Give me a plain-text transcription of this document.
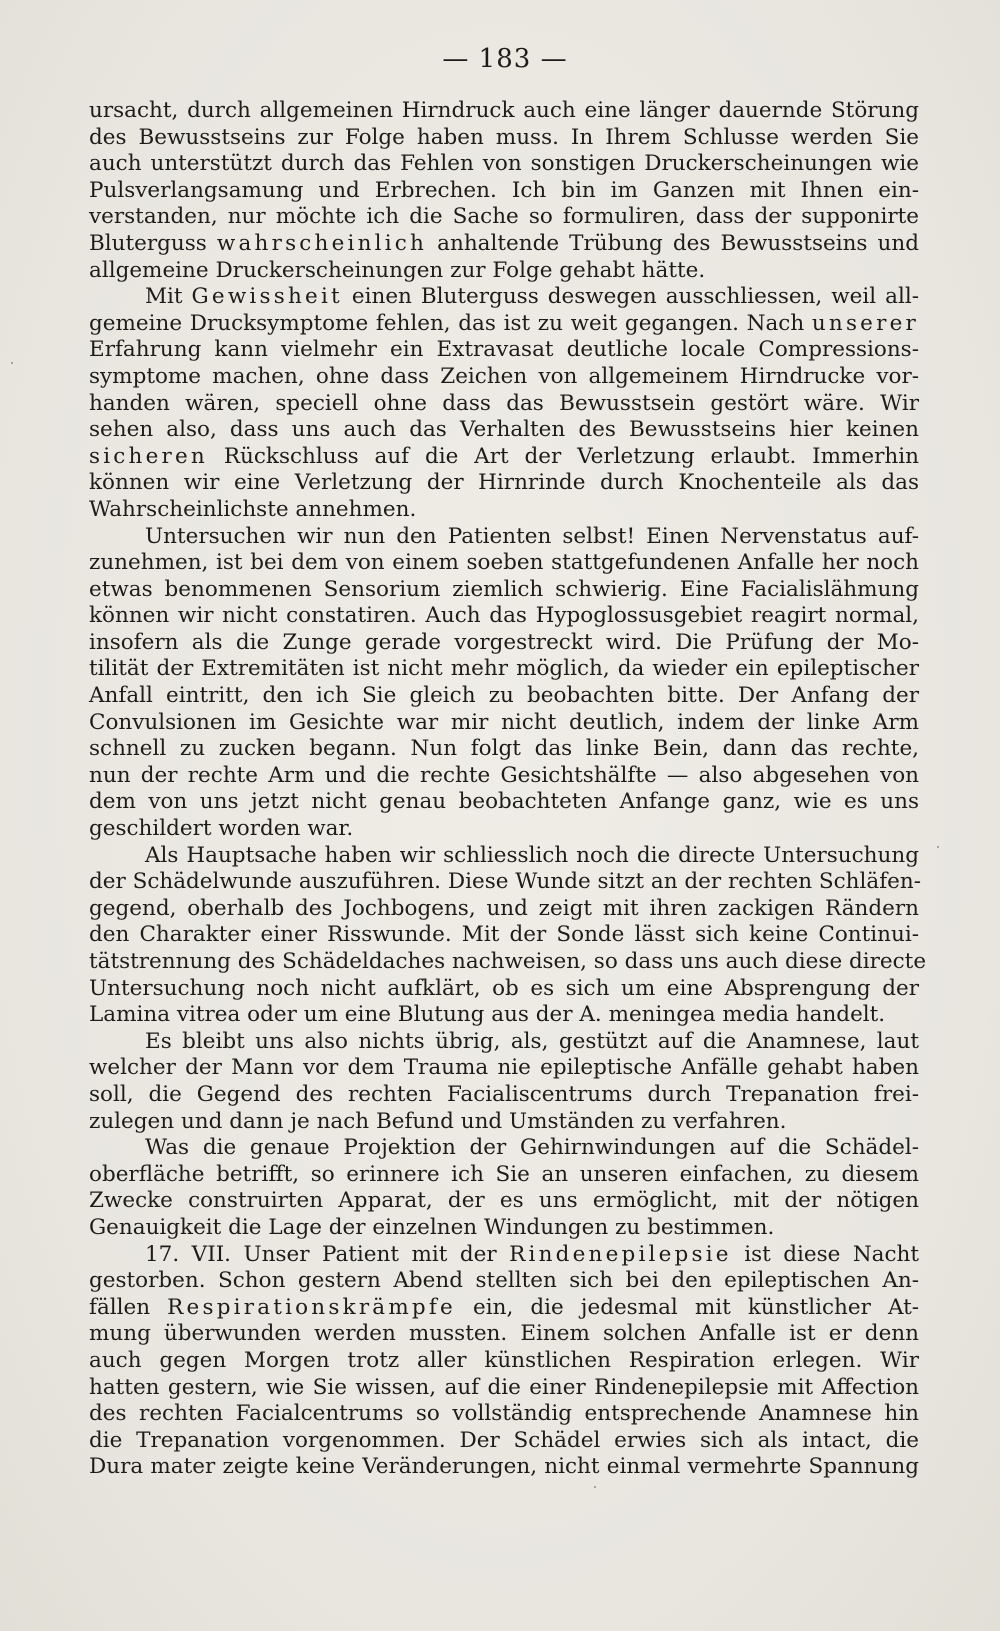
— 183 —
ursacht, durch allgemeinen Hirndruck auch eine länger dauernde Störung
des Bewusstseins zur Folge haben muss. In Ihrem Schlusse werden Sie
auch unterstützt durch das Fehlen von sonstigen Druckerscheinungen wie
Pulsverlangsamung und Erbrechen. Ich bin im Ganzen mit Ihnen ein-
verstanden, nur möchte ich die Sache so formuliren, dass der supponirte
Bluterguss wahrscheinlich anhaltende Trübung des Bewusstseins und
allgemeine Druckerscheinungen zur Folge gehabt hätte.
Mit Gewissheit einen Bluterguss deswegen ausschliessen, weil all-
gemeine Drucksymptome fehlen, das ist zu weit gegangen. Nach unserer
Erfahrung kann vielmehr ein Extravasat deutliche locale Compressions-
symptome machen, ohne dass Zeichen von allgemeinem Hirndrucke vor-
handen wären, speciell ohne dass das Bewusstsein gestört wäre. Wir
sehen also, dass uns auch das Verhalten des Bewusstseins hier keinen
sicheren Rückschluss auf die Art der Verletzung erlaubt. Immerhin
können wir eine Verletzung der Hirnrinde durch Knochenteile als das
Wahrscheinlichste annehmen.
Untersuchen wir nun den Patienten selbst! Einen Nervenstatus auf-
zunehmen, ist bei dem von einem soeben stattgefundenen Anfalle her noch
etwas benommenen Sensorium ziemlich schwierig. Eine Facialislähmung
können wir nicht constatiren. Auch das Hypoglossusgebiet reagirt normal,
insofern als die Zunge gerade vorgestreckt wird. Die Prüfung der Mo-
tilität der Extremitäten ist nicht mehr möglich, da wieder ein epileptischer
Anfall eintritt, den ich Sie gleich zu beobachten bitte. Der Anfang der
Convulsionen im Gesichte war mir nicht deutlich, indem der linke Arm
schnell zu zucken begann. Nun folgt das linke Bein, dann das rechte,
nun der rechte Arm und die rechte Gesichtshälfte — also abgesehen von
dem von uns jetzt nicht genau beobachteten Anfange ganz, wie es uns
geschildert worden war.
Als Hauptsache haben wir schliesslich noch die directe Untersuchung
der Schädelwunde auszuführen. Diese Wunde sitzt an der rechten Schläfen-
gegend, oberhalb des Jochbogens, und zeigt mit ihren zackigen Rändern
den Charakter einer Risswunde. Mit der Sonde lässt sich keine Continui-
tätstrennung des Schädeldaches nachweisen, so dass uns auch diese directe
Untersuchung noch nicht aufklärt, ob es sich um eine Absprengung der
Lamina vitrea oder um eine Blutung aus der A. meningea media handelt.
Es bleibt uns also nichts übrig, als, gestützt auf die Anamnese, laut
welcher der Mann vor dem Trauma nie epileptische Anfälle gehabt haben
soll, die Gegend des rechten Facialiscentrums durch Trepanation frei-
zulegen und dann je nach Befund und Umständen zu verfahren.
Was die genaue Projektion der Gehirnwindungen auf die Schädel-
oberfläche betrifft, so erinnere ich Sie an unseren einfachen, zu diesem
Zwecke construirten Apparat, der es uns ermöglicht, mit der nötigen
Genauigkeit die Lage der einzelnen Windungen zu bestimmen.
17. VII. Unser Patient mit der Rindenepilepsie ist diese Nacht
gestorben. Schon gestern Abend stellten sich bei den epileptischen An-
fällen Respirationskrämpfe ein, die jedesmal mit künstlicher At-
mung überwunden werden mussten. Einem solchen Anfalle ist er denn
auch gegen Morgen trotz aller künstlichen Respiration erlegen. Wir
hatten gestern, wie Sie wissen, auf die einer Rindenepilepsie mit Affection
des rechten Facialcentrums so vollständig entsprechende Anamnese hin
die Trepanation vorgenommen. Der Schädel erwies sich als intact, die
Dura mater zeigte keine Veränderungen, nicht einmal vermehrte Spannung
